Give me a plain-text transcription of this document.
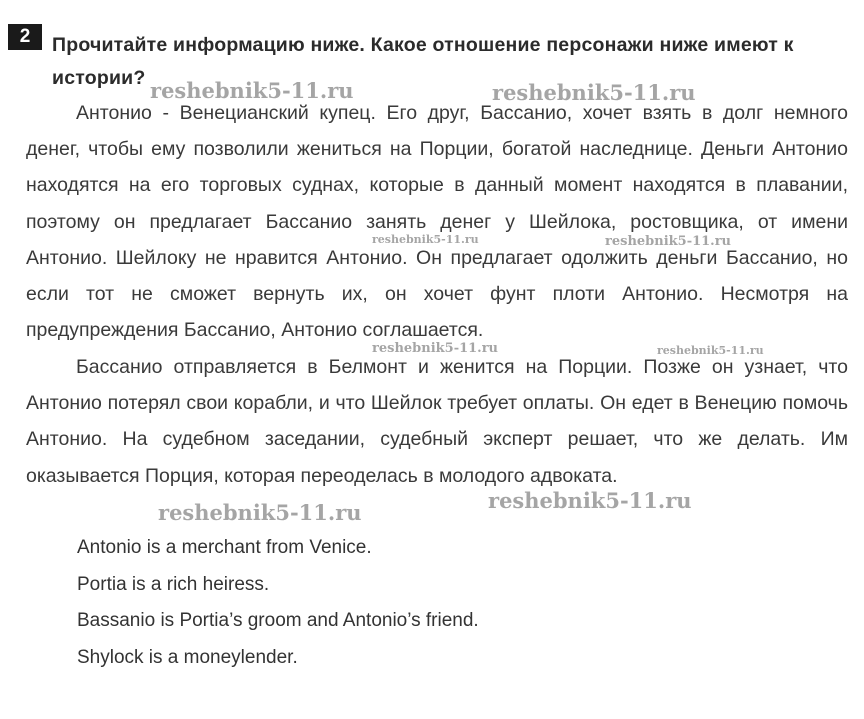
2	Прочитайте информацию ниже. Какое отношение персонажи ниже имеют к истории?
Антонио - Венецианский купец. Его друг, Бассанио, хочет взять в долг немного денег, чтобы ему позволили жениться на Порции, богатой наследнице. Деньги Антонио находятся на его торговых суднах, которые в данный момент находятся в плавании, поэтому он предлагает Бассанио занять денег у Шейлока, ростовщика, от имени Антонио. Шейлоку не нравится Антонио. Он предлагает одолжить деньги Бассанио, но если тот не сможет вернуть их, он хочет фунт плоти Антонио. Несмотря на предупреждения Бассанио, Антонио соглашается.
Бассанио отправляется в Белмонт и женится на Порции. Позже он узнает, что Антонио потерял свои корабли, и что Шейлок требует оплаты. Он едет в Венецию помочь Антонио. На судебном заседании, судебный эксперт решает, что же делать. Им оказывается Порция, которая переоделась в молодого адвоката.
Antonio is a merchant from Venice.
Portia is a rich heiress.
Bassanio is Portia’s groom and Antonio’s friend.
Shylock is a moneylender.
reshebnik5-11.ru	reshebnik5-11.ru
reshebnik5-11.ru	reshebnik5-11.ru
reshebnik5-11.ru	reshebnik5-11.ru
reshebnik5-11.ru	reshebnik5-11.ru
